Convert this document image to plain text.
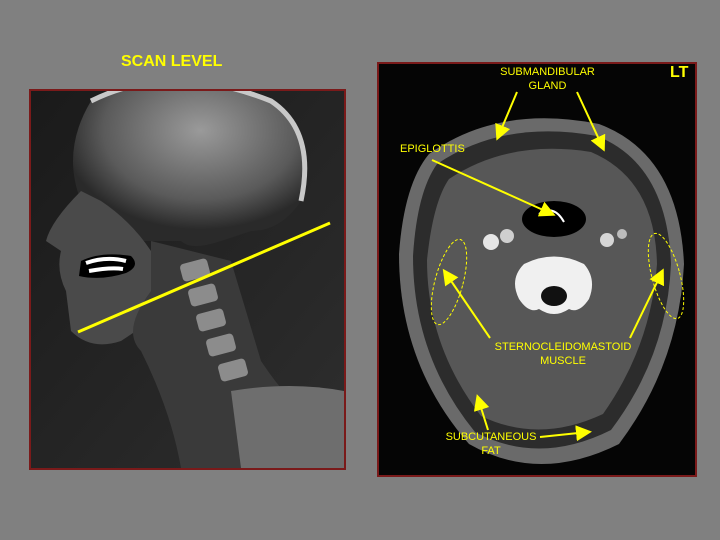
SCAN LEVEL
SUBMANDIBULAR
GLAND
EPIGLOTTIS
STERNOCLEIDOMASTOID
MUSCLE
SUBCUTANEOUS
FAT
LT
